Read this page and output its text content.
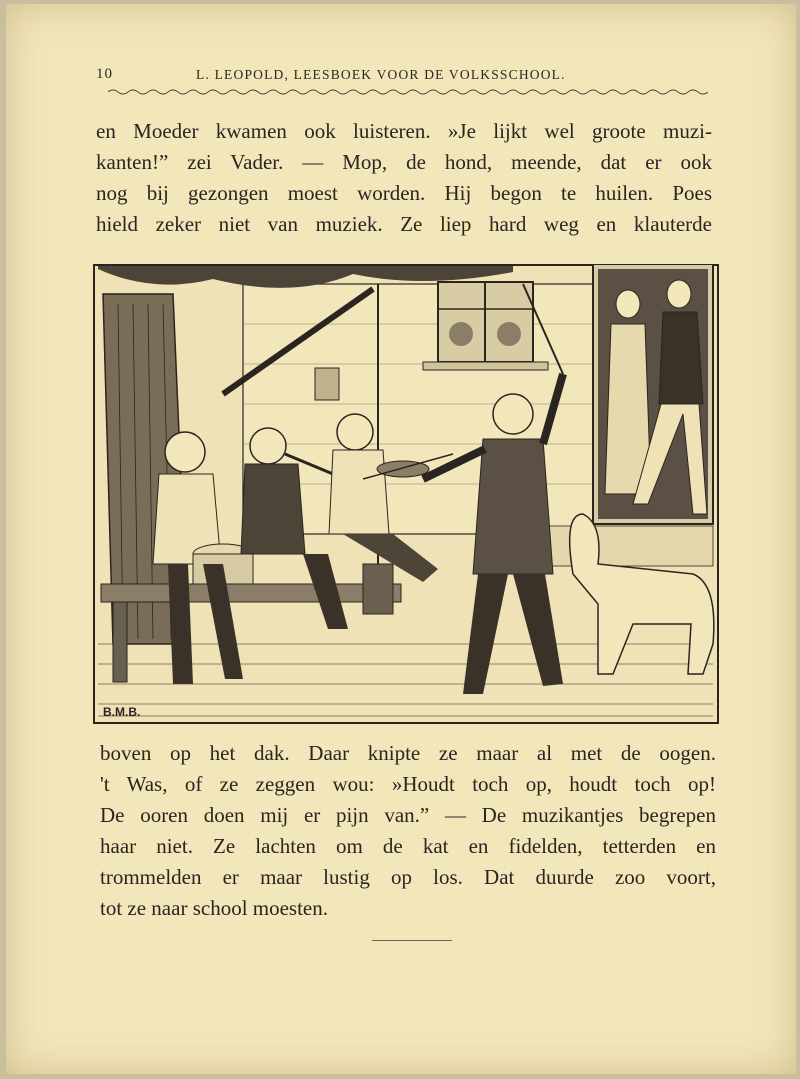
10	L. LEOPOLD, LEESBOEK VOOR DE VOLKSSCHOOL.
en Moeder kwamen ook luisteren. »Je lijkt wel groote muzi-
kanten!” zei Vader. — Mop, de hond, meende, dat er ook
nog bij gezongen moest worden. Hij begon te huilen. Poes
hield zeker niet van muziek. Ze liep hard weg en klauterde
B.M.B.
boven op het dak. Daar knipte ze maar al met de oogen.
't Was, of ze zeggen wou: »Houdt toch op, houdt toch op!
De ooren doen mij er pijn van.” — De muzikantjes begrepen
haar niet. Ze lachten om de kat en fidelden, tetterden en
trommelden er maar lustig op los. Dat duurde zoo voort,
tot ze naar school moesten.
